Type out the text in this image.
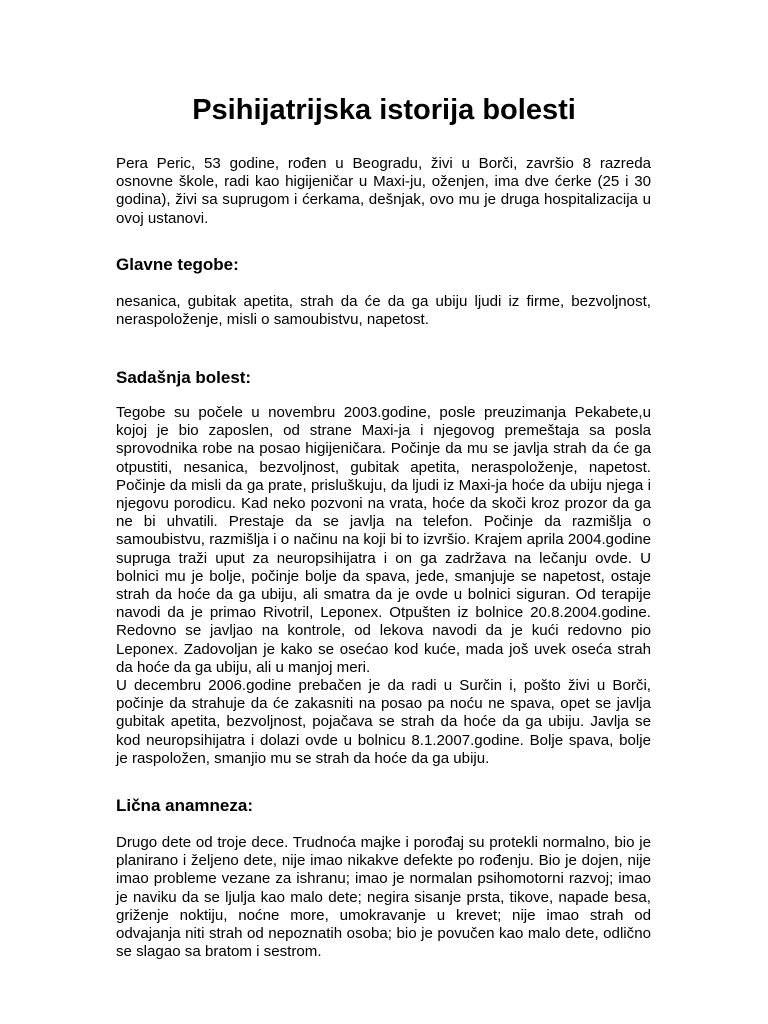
Psihijatrijska istorija bolesti

Pera Peric, 53 godine, rođen u Beogradu, živi u Borči, završio 8 razreda osnovne škole, radi kao higijeničar u Maxi-ju, oženjen, ima dve ćerke (25 i 30 godina), živi sa suprugom i ćerkama, dešnjak, ovo mu je druga hospitalizacija u ovoj ustanovi.

Glavne tegobe:

nesanica, gubitak apetita, strah da će da ga ubiju ljudi iz firme, bezvoljnost, neraspoloženje, misli o samoubistvu, napetost.

Sadašnja bolest:

Tegobe su počele u novembru 2003.godine, posle preuzimanja Pekabete,u kojoj je bio zaposlen, od strane Maxi-ja i njegovog premeštaja sa posla sprovodnika robe na posao higijeničara. Počinje da mu se javlja strah da će ga otpustiti, nesanica, bezvoljnost, gubitak apetita, neraspoloženje, napetost. Počinje da misli da ga prate, prisluškuju, da ljudi iz Maxi-ja hoće da ubiju njega i njegovu porodicu. Kad neko pozvoni na vrata, hoće da skoči kroz prozor da ga ne bi uhvatili. Prestaje da se javlja na telefon. Počinje da razmišlja o samoubistvu, razmišlja i o načinu na koji bi to izvršio. Krajem aprila 2004.godine supruga traži uput za neuropsihijatra i on ga zadržava na lečanju ovde. U bolnici mu je bolje, počinje bolje da spava, jede, smanjuje se napetost, ostaje strah da hoće da ga ubiju, ali smatra da je ovde u bolnici siguran. Od terapije navodi da je primao Rivotril, Leponex. Otpušten iz bolnice 20.8.2004.godine. Redovno se javljao na kontrole, od lekova navodi da je kući redovno pio Leponex. Zadovoljan je kako se osećao kod kuće, mada još uvek oseća strah da hoće da ga ubiju, ali u manjoj meri.

U decembru 2006.godine prebačen je da radi u Surčin i, pošto živi u Borči, počinje da strahuje da će zakasniti na posao pa noću ne spava, opet se javlja gubitak apetita, bezvoljnost, pojačava se strah da hoće da ga ubiju. Javlja se kod neuropsihijatra i dolazi ovde u bolnicu 8.1.2007.godine. Bolje spava, bolje je raspoložen, smanjio mu se strah da hoće da ga ubiju.

Lična anamneza:

Drugo dete od troje dece. Trudnoća majke i porođaj su protekli normalno, bio je planirano i željeno dete, nije imao nikakve defekte po rođenju. Bio je dojen, nije imao probleme vezane za ishranu; imao je normalan psihomotorni razvoj; imao je naviku da se ljulja kao malo dete; negira sisanje prsta, tikove, napade besa, griženje noktiju, noćne more, umokravanje u krevet; nije imao strah od odvajanja niti strah od nepoznatih osoba; bio je povučen kao malo dete, odlično se slagao sa bratom i sestrom.
